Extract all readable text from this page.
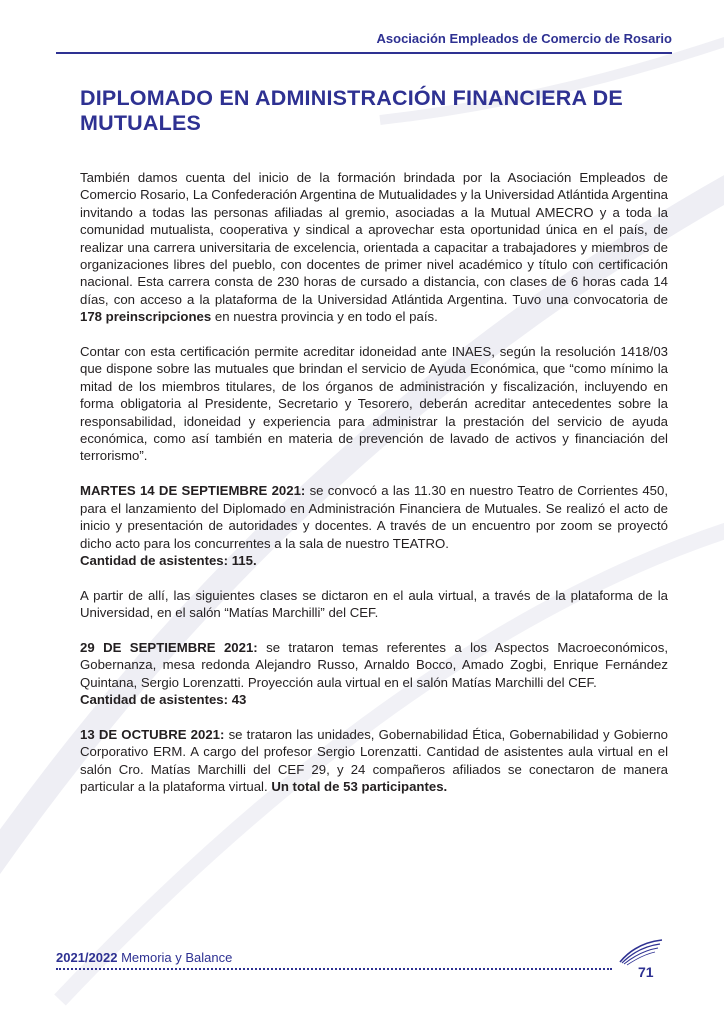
Asociación Empleados de Comercio de Rosario
DIPLOMADO EN ADMINISTRACIÓN FINANCIERA DE MUTUALES

También damos cuenta del inicio de la formación brindada por la Asociación Empleados de Comercio Rosario, La Confederación Argentina de Mutualidades y la Universidad Atlántida Argentina invitando a todas las personas afiliadas al gremio, asociadas a la Mutual AMECRO y a toda la comunidad mutualista, cooperativa y sindical a aprovechar esta oportunidad única en el país, de realizar una carrera universitaria de excelencia, orientada a capacitar a trabajadores y miembros de organizaciones libres del pueblo, con docentes de primer nivel académico y título con certificación nacional. Esta carrera consta de 230 horas de cursado a distancia, con clases de 6 horas cada 14 días, con acceso a la plataforma de la Universidad Atlántida Argentina. Tuvo una convocatoria de 178 preinscripciones en nuestra provincia y en todo el país.

Contar con esta certificación permite acreditar idoneidad ante INAES, según la resolución 1418/03 que dispone sobre las mutuales que brindan el servicio de Ayuda Económica, que “como mínimo la mitad de los miembros titulares, de los órganos de administración y fiscalización, incluyendo en forma obligatoria al Presidente, Secretario y Tesorero, deberán acreditar antecedentes sobre la responsabilidad, idoneidad y experiencia para administrar la prestación del servicio de ayuda económica, como así también en materia de prevención de lavado de activos y financiación del terrorismo”.

MARTES 14 DE SEPTIEMBRE 2021: se convocó a las 11.30 en nuestro Teatro de Corrientes 450, para el lanzamiento del Diplomado en Administración Financiera de Mutuales. Se realizó el acto de inicio y presentación de autoridades y docentes. A través de un encuentro por zoom se proyectó dicho acto para los concurrentes a la sala de nuestro TEATRO.
Cantidad de asistentes: 115.

A partir de allí, las siguientes clases se dictaron en el aula virtual, a través de la plataforma de la Universidad, en el salón “Matías Marchilli” del CEF.

29 DE SEPTIEMBRE 2021: se trataron temas referentes a los Aspectos Macroeconómicos, Gobernanza, mesa redonda Alejandro Russo, Arnaldo Bocco, Amado Zogbi, Enrique Fernández Quintana, Sergio Lorenzatti. Proyección aula virtual en el salón Matías Marchilli del CEF.
Cantidad de asistentes: 43

13 DE OCTUBRE 2021: se trataron las unidades, Gobernabilidad Ética, Gobernabilidad y Gobierno Corporativo ERM. A cargo del profesor Sergio Lorenzatti. Cantidad de asistentes aula virtual en el salón Cro. Matías Marchilli del CEF 29, y 24 compañeros afiliados se conectaron de manera particular a la plataforma virtual. Un total de 53 participantes.

2021/2022 Memoria y Balance
71
